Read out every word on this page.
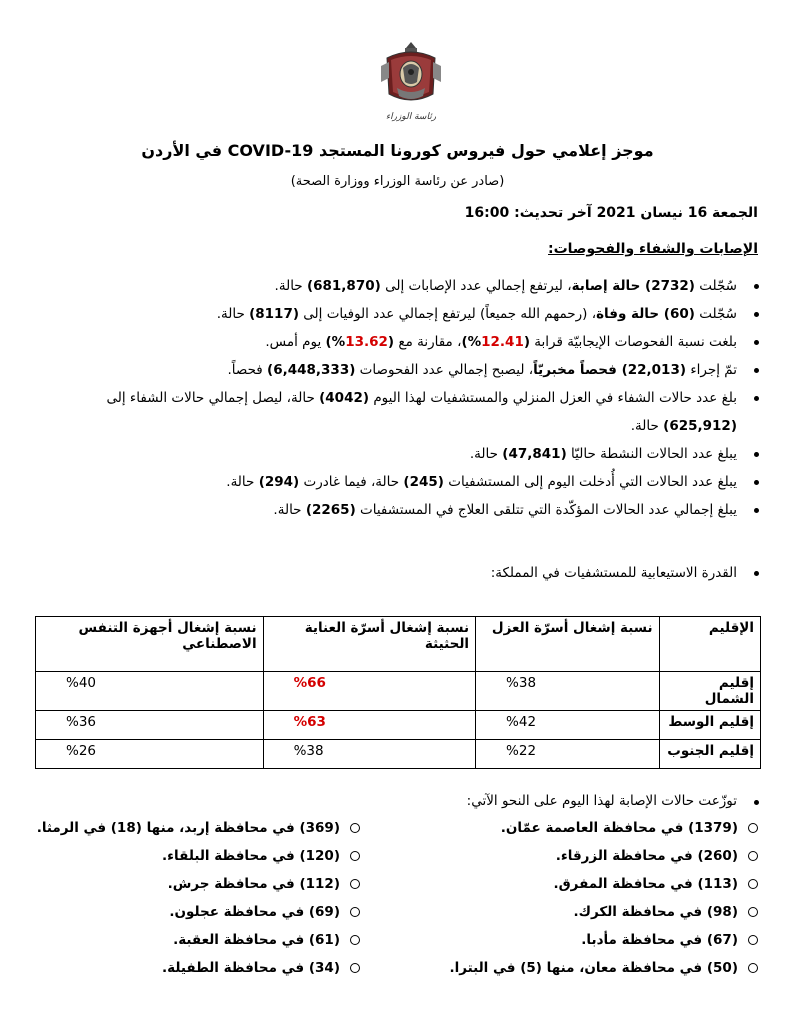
رئاسة الوزراء
موجز إعلامي حول فيروس كورونا المستجد COVID-19 في الأردن
(صادر عن رئاسة الوزراء ووزارة الصحة)
الجمعة 16 نيسان 2021 آخر تحديث: 16:00
الإصابات والشفاء والفحوصات:
سُجّلت (2732) حالة إصابة، ليرتفع إجمالي عدد الإصابات إلى (681,870) حالة.
سُجّلت (60) حالة وفاة، (رحمهم الله جميعاً) ليرتفع إجمالي عدد الوفيات إلى (8117) حالة.
بلغت نسبة الفحوصات الإيجابيّة قرابة (12.41%)، مقارنة مع (13.62%) يوم أمس.
تمّ إجراء (22,013) فحصاً مخبريّاً، ليصبح إجمالي عدد الفحوصات (6,448,333) فحصاً.
بلغ عدد حالات الشفاء في العزل المنزلي والمستشفيات لهذا اليوم (4042) حالة، ليصل إجمالي حالات الشفاء إلى (625,912) حالة.
يبلغ عدد الحالات النشطة حاليّا (47,841) حالة.
يبلغ عدد الحالات التي أُدخلت اليوم إلى المستشفيات (245) حالة، فيما غادرت (294) حالة.
يبلغ إجمالي عدد الحالات المؤكّدة التي تتلقى العلاج في المستشفيات (2265) حالة.
القدرة الاستيعابية للمستشفيات في المملكة:
الإقليم	نسبة إشغال أسرّة العزل	نسبة إشغال أسرّة العناية الحثيثة	نسبة إشغال أجهزة التنفس الاصطناعي
إقليم الشمال	%38	%66	%40
إقليم الوسط	%42	%63	%36
إقليم الجنوب	%22	%38	%26
توزّعت حالات الإصابة لهذا اليوم على النحو الآتي:
(1379) في محافظة العاصمة عمّان.
(369) في محافظة إربد، منها (18) في الرمثا.
(260) في محافظة الزرقاء.
(120) في محافظة البلقاء.
(113) في محافظة المفرق.
(112) في محافظة جرش.
(98) في محافظة الكرك.
(69) في محافظة عجلون.
(67) في محافظة مأدبا.
(61) في محافظة العقبة.
(50) في محافظة معان، منها (5) في البترا.
(34) في محافظة الطفيلة.
